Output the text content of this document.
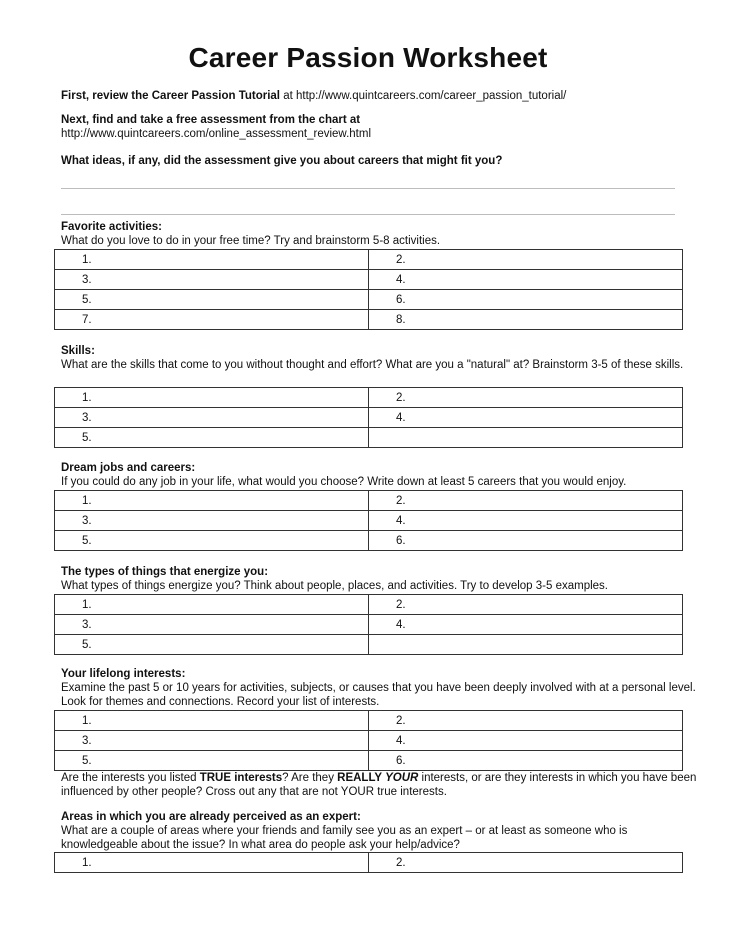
Career Passion Worksheet
First, review the Career Passion Tutorial at http://www.quintcareers.com/career_passion_tutorial/
Next, find and take a free assessment from the chart at
http://www.quintcareers.com/online_assessment_review.html
What ideas, if any, did the assessment give you about careers that might fit you?
Favorite activities:
What do you love to do in your free time? Try and brainstorm 5-8 activities.
1.	2.
3.	4.
5.	6.
7.	8.
Skills:
What are the skills that come to you without thought and effort? What are you a "natural" at? Brainstorm 3-5 of these skills.
1.	2.
3.	4.
5.	
Dream jobs and careers:
If you could do any job in your life, what would you choose? Write down at least 5 careers that you would enjoy.
1.	2.
3.	4.
5.	6.
The types of things that energize you:
What types of things energize you? Think about people, places, and activities. Try to develop 3-5 examples.
1.	2.
3.	4.
5.	
Your lifelong interests:
Examine the past 5 or 10 years for activities, subjects, or causes that you have been deeply involved with at a personal level. Look for themes and connections. Record your list of interests.
1.	2.
3.	4.
5.	6.
Are the interests you listed TRUE interests? Are they REALLY YOUR interests, or are they interests in which you have been influenced by other people? Cross out any that are not YOUR true interests.
Areas in which you are already perceived as an expert:
What are a couple of areas where your friends and family see you as an expert – or at least as someone who is knowledgeable about the issue? In what area do people ask your help/advice?
1.	2.
